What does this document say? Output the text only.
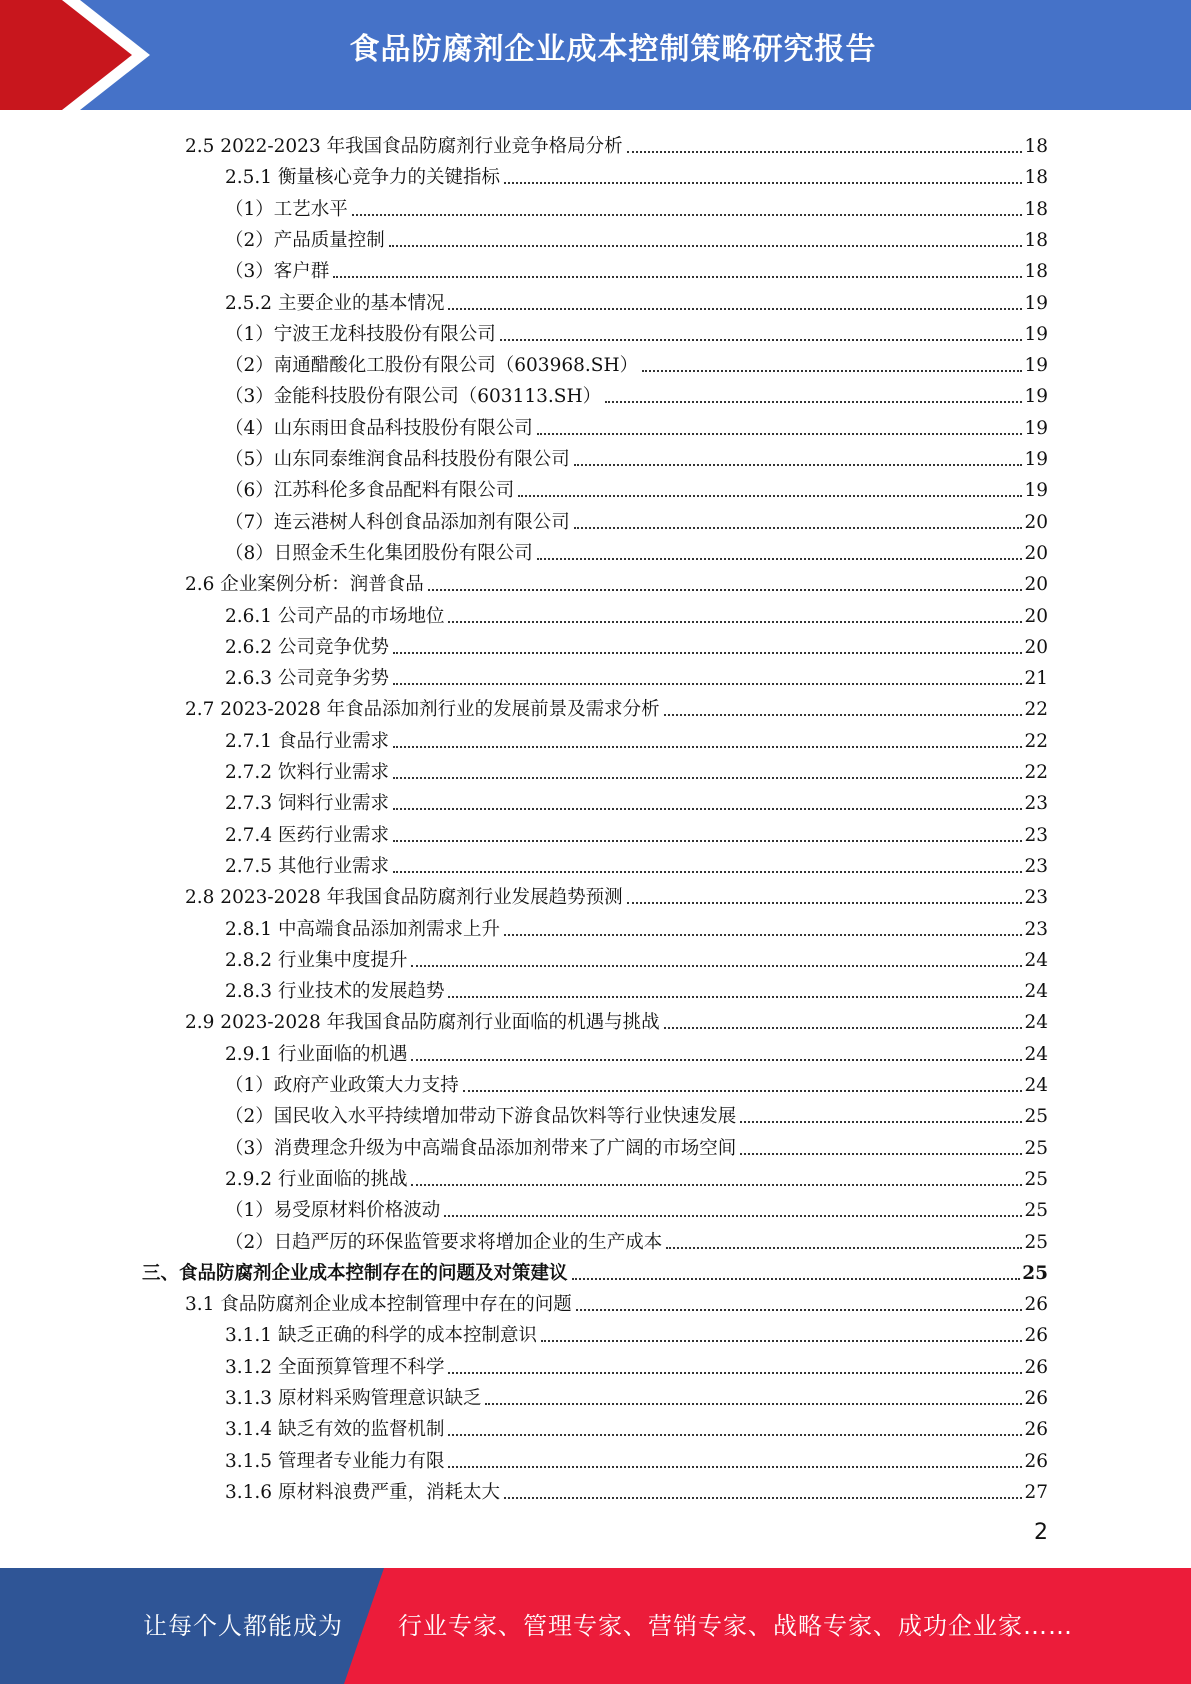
食品防腐剂企业成本控制策略研究报告
2.5 2022-2023 年我国食品防腐剂行业竞争格局分析	18
2.5.1 衡量核心竞争力的关键指标	18
（1）工艺水平	18
（2）产品质量控制	18
（3）客户群	18
2.5.2 主要企业的基本情况	19
（1）宁波王龙科技股份有限公司	19
（2）南通醋酸化工股份有限公司（603968.SH）	19
（3）金能科技股份有限公司（603113.SH）	19
（4）山东雨田食品科技股份有限公司	19
（5）山东同泰维润食品科技股份有限公司	19
（6）江苏科伦多食品配料有限公司	19
（7）连云港树人科创食品添加剂有限公司	20
（8）日照金禾生化集团股份有限公司	20
2.6 企业案例分析：润普食品	20
2.6.1 公司产品的市场地位	20
2.6.2 公司竞争优势	20
2.6.3 公司竞争劣势	21
2.7 2023-2028 年食品添加剂行业的发展前景及需求分析	22
2.7.1 食品行业需求	22
2.7.2 饮料行业需求	22
2.7.3 饲料行业需求	23
2.7.4 医药行业需求	23
2.7.5 其他行业需求	23
2.8 2023-2028 年我国食品防腐剂行业发展趋势预测	23
2.8.1 中高端食品添加剂需求上升	23
2.8.2 行业集中度提升	24
2.8.3 行业技术的发展趋势	24
2.9 2023-2028 年我国食品防腐剂行业面临的机遇与挑战	24
2.9.1 行业面临的机遇	24
（1）政府产业政策大力支持	24
（2）国民收入水平持续增加带动下游食品饮料等行业快速发展	25
（3）消费理念升级为中高端食品添加剂带来了广阔的市场空间	25
2.9.2 行业面临的挑战	25
（1）易受原材料价格波动	25
（2）日趋严厉的环保监管要求将增加企业的生产成本	25
三、食品防腐剂企业成本控制存在的问题及对策建议	25
3.1 食品防腐剂企业成本控制管理中存在的问题	26
3.1.1 缺乏正确的科学的成本控制意识	26
3.1.2 全面预算管理不科学	26
3.1.3 原材料采购管理意识缺乏	26
3.1.4 缺乏有效的监督机制	26
3.1.5 管理者专业能力有限	26
3.1.6 原材料浪费严重，消耗太大	27
2
让每个人都能成为 行业专家、管理专家、营销专家、战略专家、成功企业家……
